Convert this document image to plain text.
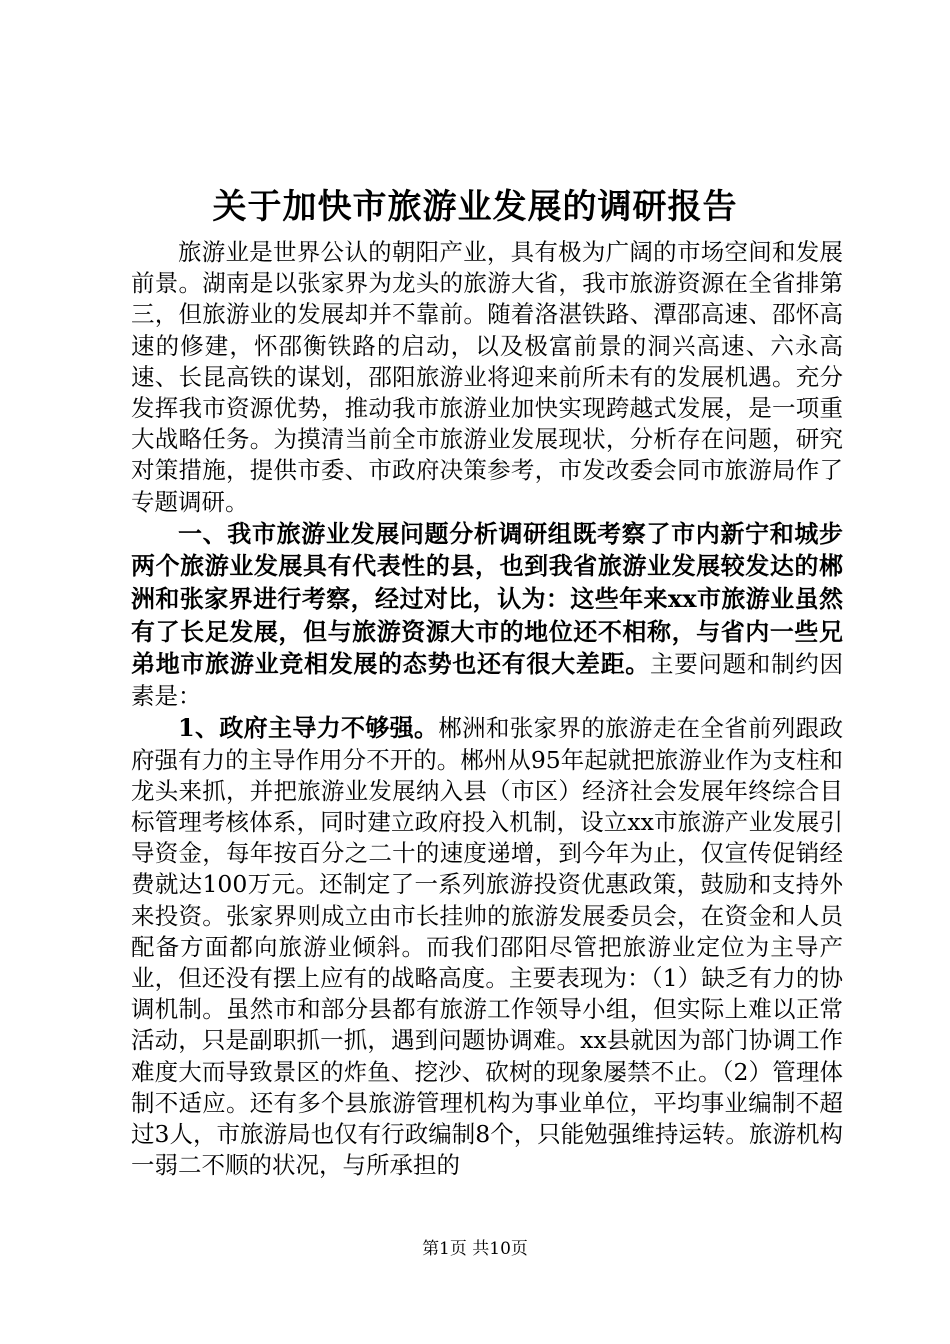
关于加快市旅游业发展的调研报告

旅游业是世界公认的朝阳产业，具有极为广阔的市场空间和发展前景。湖南是以张家界为龙头的旅游大省，我市旅游资源在全省排第三，但旅游业的发展却并不靠前。随着洛湛铁路、潭邵高速、邵怀高速的修建，怀邵衡铁路的启动，以及极富前景的洞兴高速、六永高速、长昆高铁的谋划，邵阳旅游业将迎来前所未有的发展机遇。充分发挥我市资源优势，推动我市旅游业加快实现跨越式发展，是一项重大战略任务。为摸清当前全市旅游业发展现状，分析存在问题，研究对策措施，提供市委、市政府决策参考，市发改委会同市旅游局作了专题调研。

一、我市旅游业发展问题分析调研组既考察了市内新宁和城步两个旅游业发展具有代表性的县，也到我省旅游业发展较发达的郴洲和张家界进行考察，经过对比，认为：这些年来xx市旅游业虽然有了长足发展，但与旅游资源大市的地位还不相称，与省内一些兄弟地市旅游业竞相发展的态势也还有很大差距。主要问题和制约因素是：

1、政府主导力不够强。郴洲和张家界的旅游走在全省前列跟政府强有力的主导作用分不开的。郴州从95年起就把旅游业作为支柱和龙头来抓，并把旅游业发展纳入县（市区）经济社会发展年终综合目标管理考核体系，同时建立政府投入机制，设立xx市旅游产业发展引导资金，每年按百分之二十的速度递增，到今年为止，仅宣传促销经费就达100万元。还制定了一系列旅游投资优惠政策，鼓励和支持外来投资。张家界则成立由市长挂帅的旅游发展委员会，在资金和人员配备方面都向旅游业倾斜。而我们邵阳尽管把旅游业定位为主导产业，但还没有摆上应有的战略高度。主要表现为：（1）缺乏有力的协调机制。虽然市和部分县都有旅游工作领导小组，但实际上难以正常活动，只是副职抓一抓，遇到问题协调难。xx县就因为部门协调工作难度大而导致景区的炸鱼、挖沙、砍树的现象屡禁不止。（2）管理体制不适应。还有多个县旅游管理机构为事业单位，平均事业编制不超过3人，市旅游局也仅有行政编制8个，只能勉强维持运转。旅游机构一弱二不顺的状况，与所承担的

第1页 共10页
